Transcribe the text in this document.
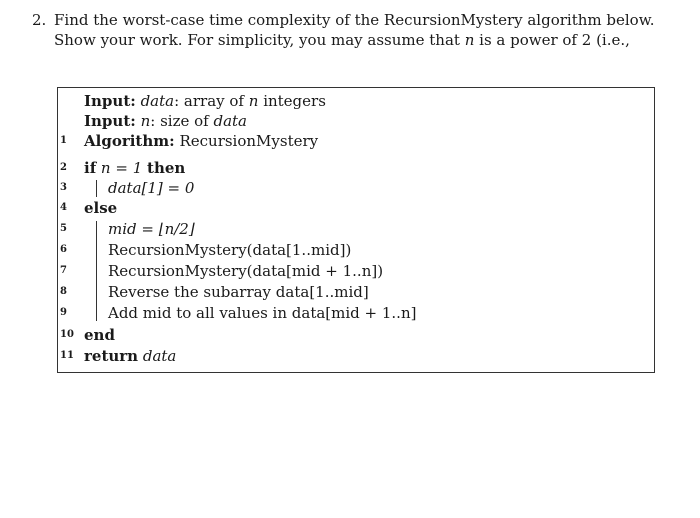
2. Find the worst-case time complexity of the RecursionMystery algorithm below. Show your work. For simplicity, you may assume that n is a power of 2 (i.e.,
Input: data: array of n integers
Input: n: size of data
1	Algorithm: RecursionMystery
2	if n = 1 then
3	data[1] = 0
4	else
5	mid = ⌊n/2⌋
6	RecursionMystery(data[1..mid])
7	RecursionMystery(data[mid + 1..n])
8	Reverse the subarray data[1..mid]
9	Add mid to all values in data[mid + 1..n]
10 end
11 return data
